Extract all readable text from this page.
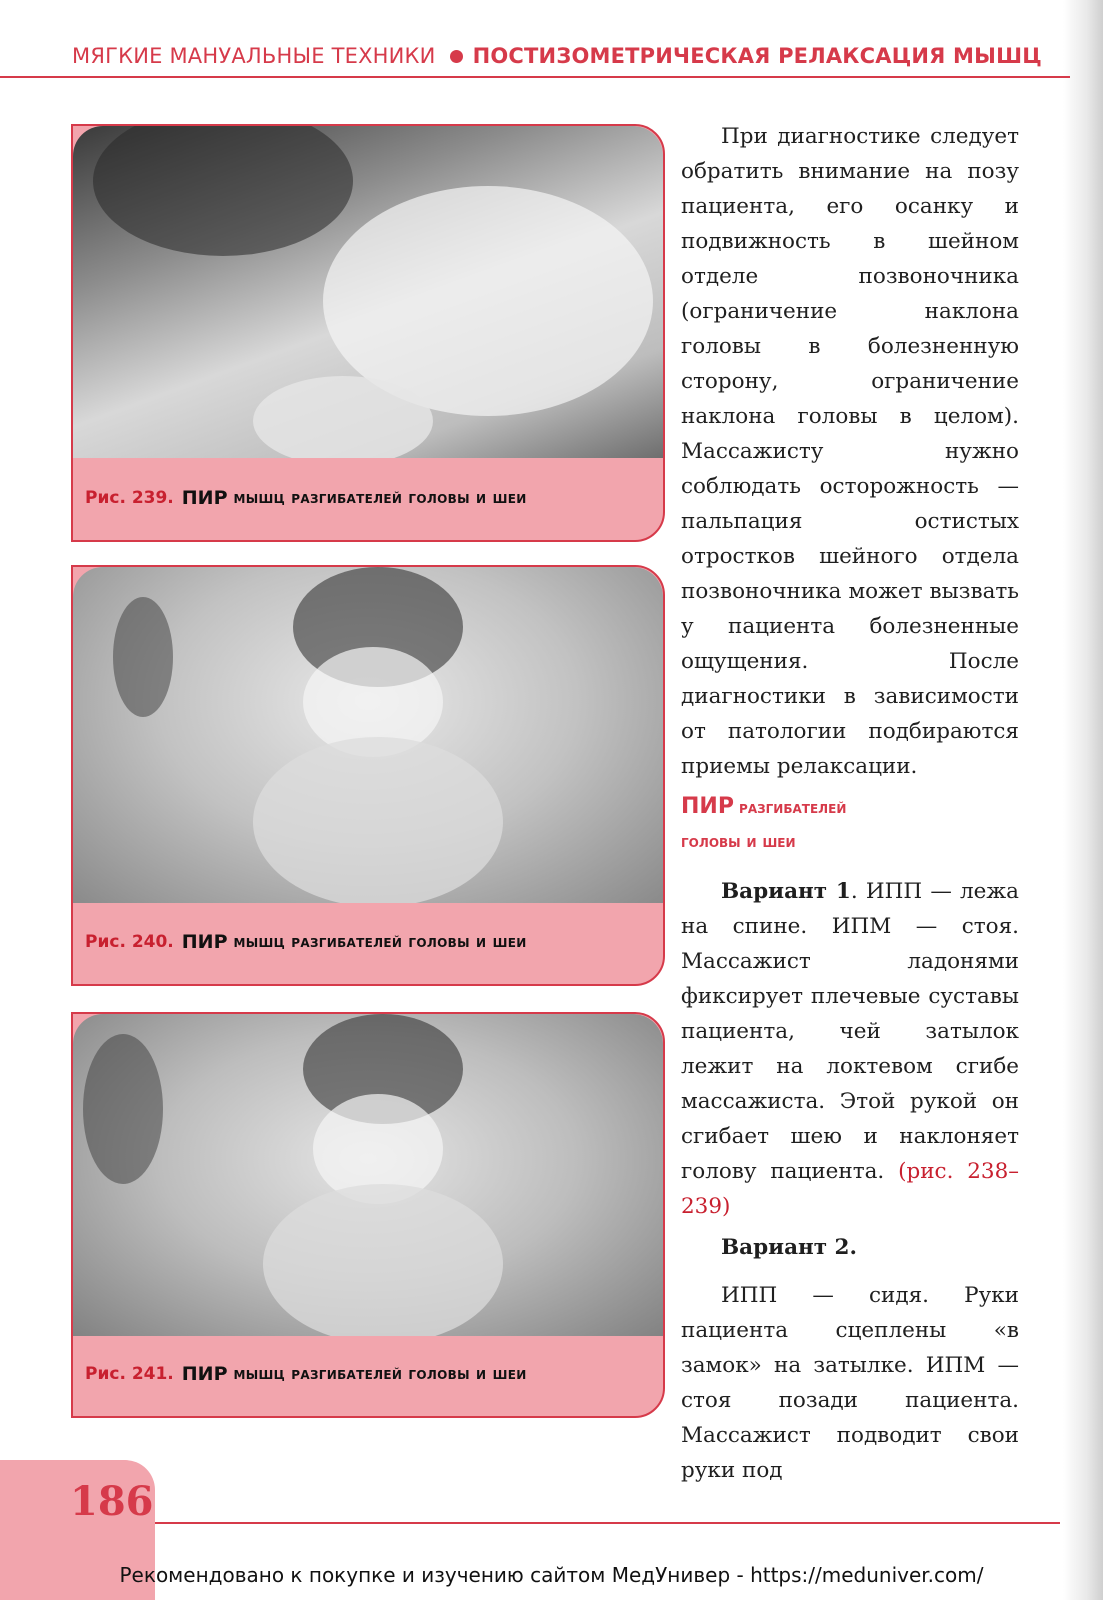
МЯГКИЕ МАНУАЛЬНЫЕ ТЕХНИКИ ПОСТИЗОМЕТРИЧЕСКАЯ РЕЛАКСАЦИЯ МЫШЦ
Рис. 239. ПИР мышц разгибателей головы и шеи
Рис. 240. ПИР мышц разгибателей головы и шеи
Рис. 241. ПИР мышц разгибателей головы и шеи

При диагностике следует обратить внимание на позу пациента, его осанку и подвижность в шейном отделе позвоночника (ограничение наклона головы в болезненную сторону, ограничение наклона головы в целом). Массажисту нужно соблюдать осторожность — пальпация остистых отростков шейного отдела позвоночника может вызвать у пациента болезненные ощущения. После диагностики в зависимости от патологии подбираются приемы релаксации.

ПИР разгибателей
головы и шеи

Вариант 1. ИПП — лежа на спине. ИПМ — стоя. Массажист ладонями фиксирует плечевые суставы пациента, чей затылок лежит на локтевом сгибе массажиста. Этой рукой он сгибает шею и наклоняет голову пациента. (рис. 238–239)

Вариант 2.

ИПП — сидя. Руки пациента сцеплены «в замок» на затылке. ИПМ — стоя позади пациента. Массажист подводит свои руки под

186
Рекомендовано к покупке и изучению сайтом МедУнивер - https://meduniver.com/
